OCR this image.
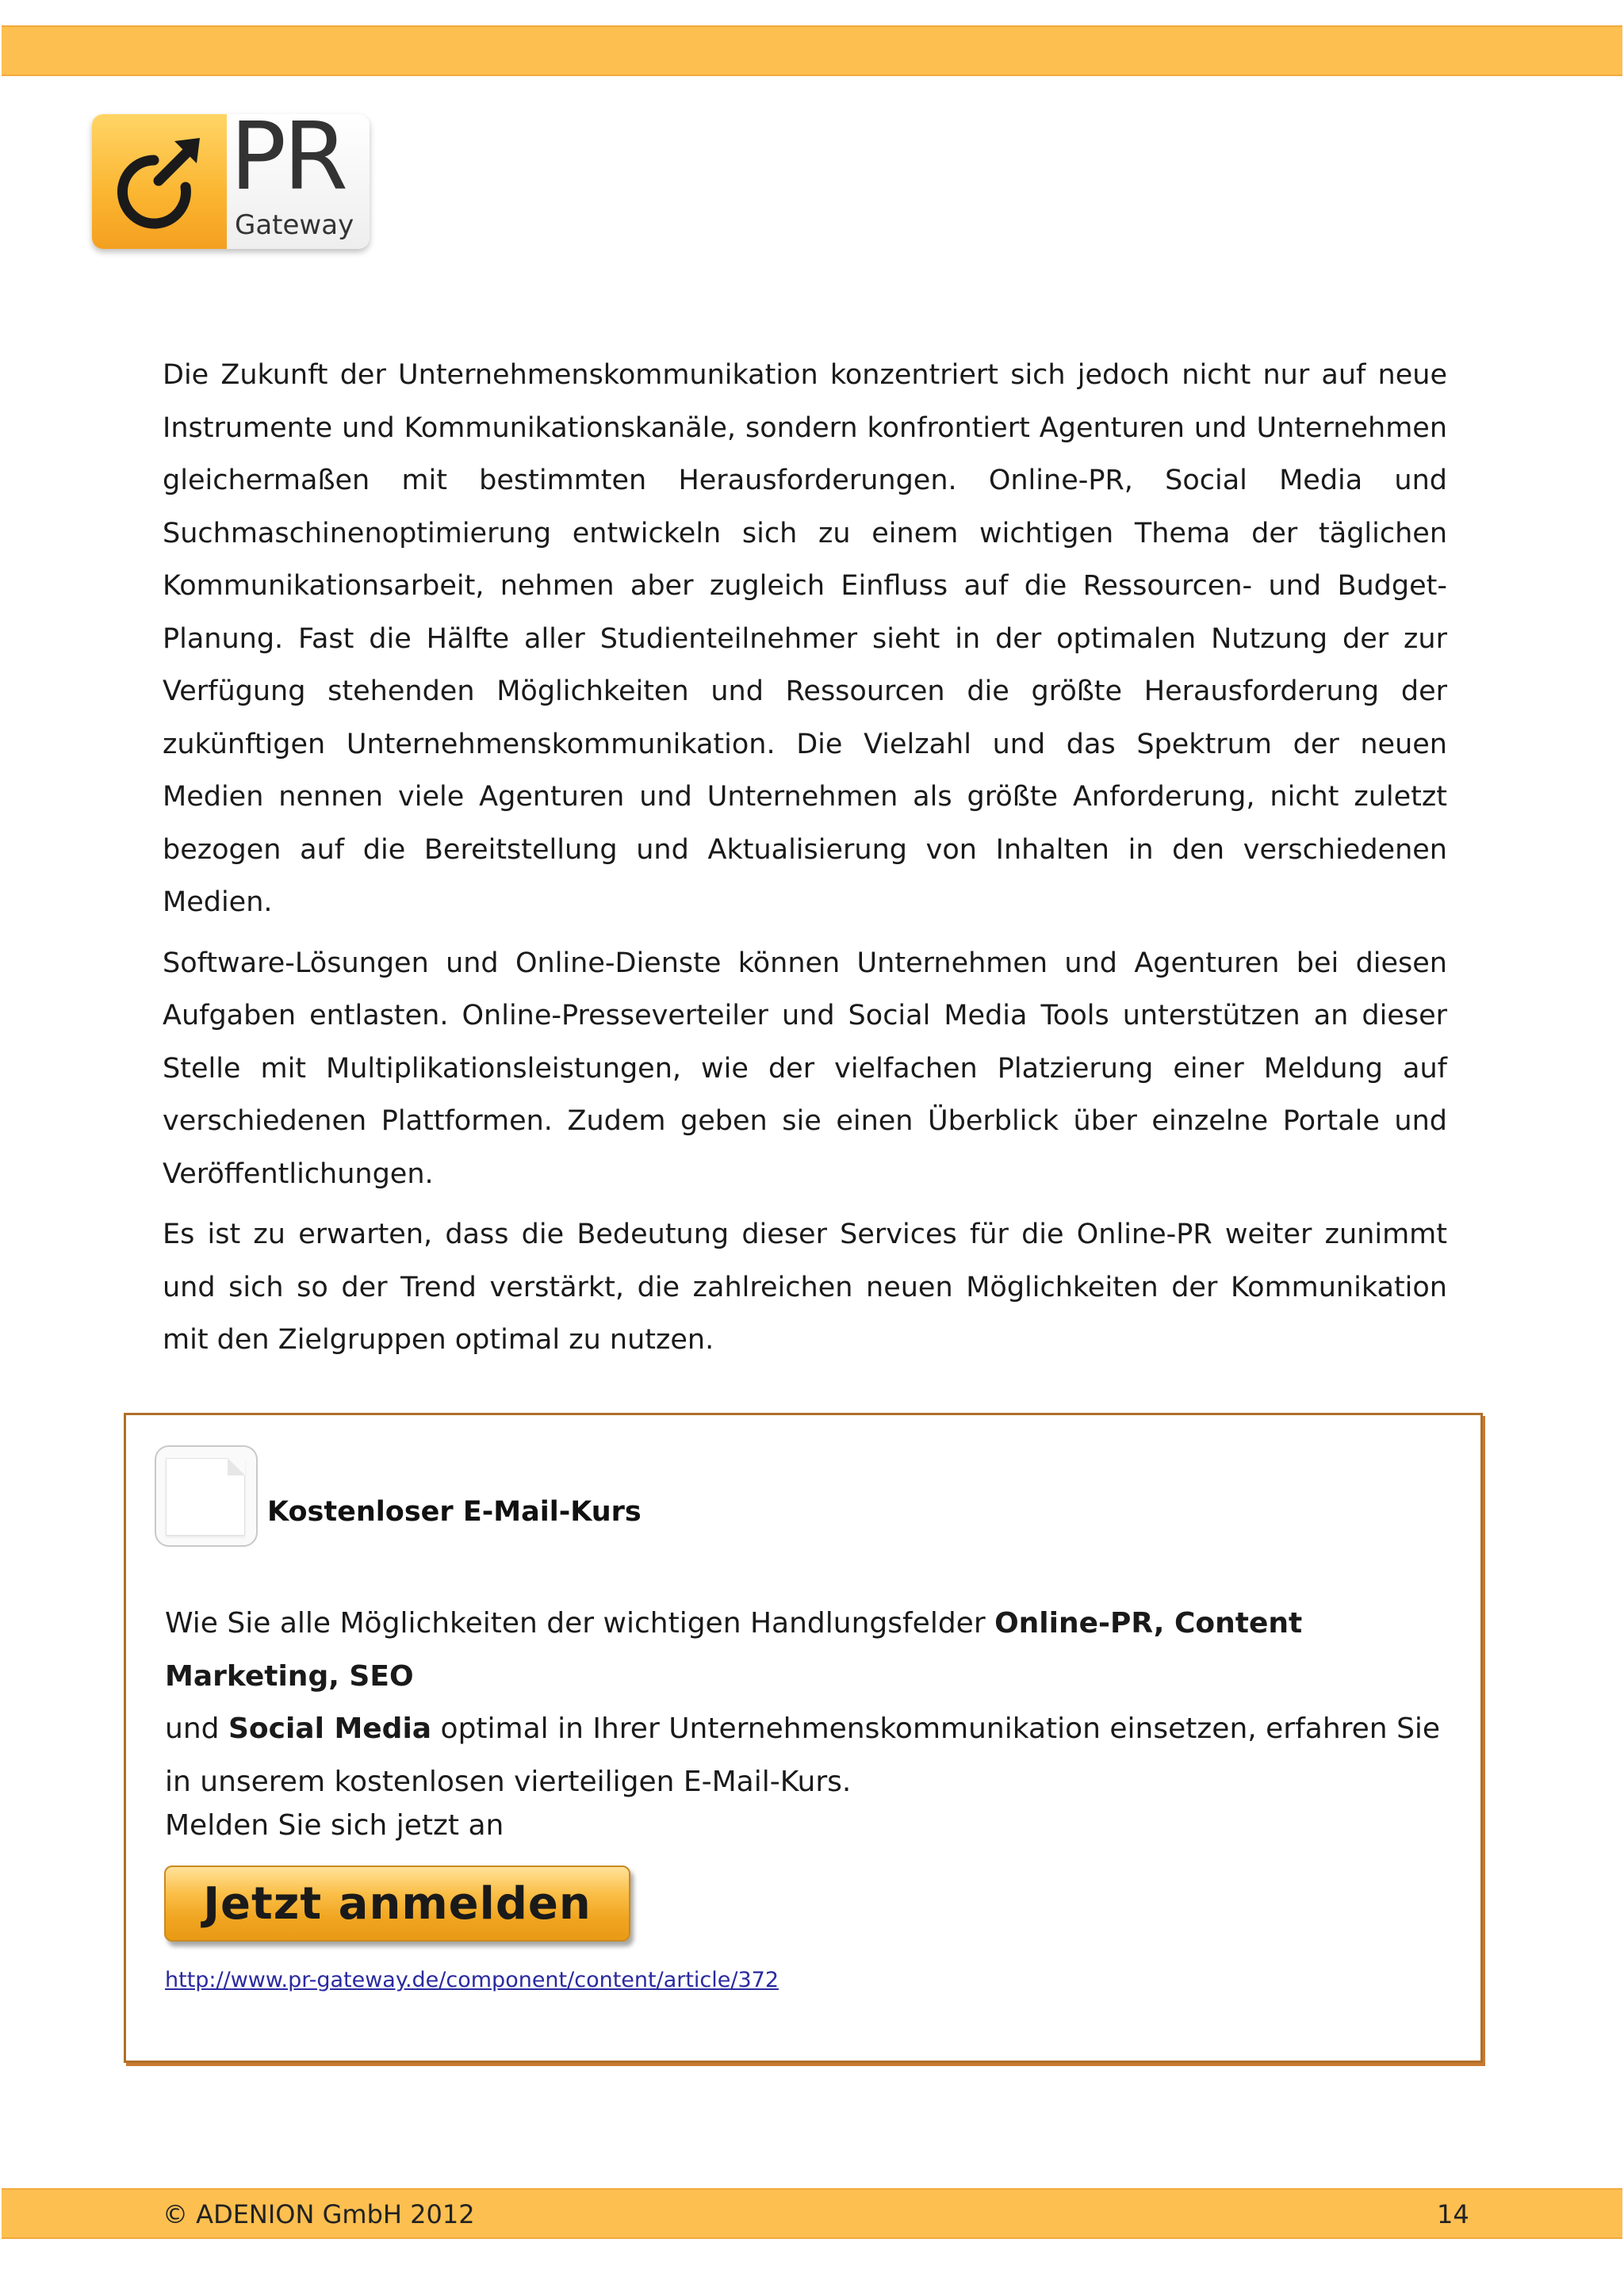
PR
Gateway

Die Zukunft der Unternehmenskommunikation konzentriert sich jedoch nicht nur auf neue Instrumente und Kommunikationskanäle, sondern konfrontiert Agenturen und Unternehmen gleichermaßen mit bestimmten Herausforderungen. Online-PR, Social Media und Suchmaschinenoptimierung entwickeln sich zu einem wichtigen Thema der täglichen Kommunikationsarbeit, nehmen aber zugleich Einfluss auf die Ressourcen- und Budget-Planung. Fast die Hälfte aller Studienteilnehmer sieht in der optimalen Nutzung der zur Verfügung stehenden Möglichkeiten und Ressourcen die größte Herausforderung der zukünftigen Unternehmenskommunikation. Die Vielzahl und das Spektrum der neuen Medien nennen viele Agenturen und Unternehmen als größte Anforderung, nicht zuletzt bezogen auf die Bereitstellung und Aktualisierung von Inhalten in den verschiedenen Medien.

Software-Lösungen und Online-Dienste können Unternehmen und Agenturen bei diesen Aufgaben entlasten. Online-Presseverteiler und Social Media Tools unterstützen an dieser Stelle mit Multiplikationsleistungen, wie der vielfachen Platzierung einer Meldung auf verschiedenen Plattformen. Zudem geben sie einen Überblick über einzelne Portale und Veröffentlichungen.

Es ist zu erwarten, dass die Bedeutung dieser Services für die Online-PR weiter zunimmt und sich so der Trend verstärkt, die zahlreichen neuen Möglichkeiten der Kommunikation mit den Zielgruppen optimal zu nutzen.

Kostenloser E-Mail-Kurs
Wie Sie alle Möglichkeiten der wichtigen Handlungsfelder Online-PR, Content Marketing, SEO
und Social Media optimal in Ihrer Unternehmenskommunikation einsetzen, erfahren Sie in unserem kostenlosen vierteiligen E-Mail-Kurs.
Melden Sie sich jetzt an
Jetzt anmelden
http://www.pr-gateway.de/component/content/article/372
© ADENION GmbH 2012	14
